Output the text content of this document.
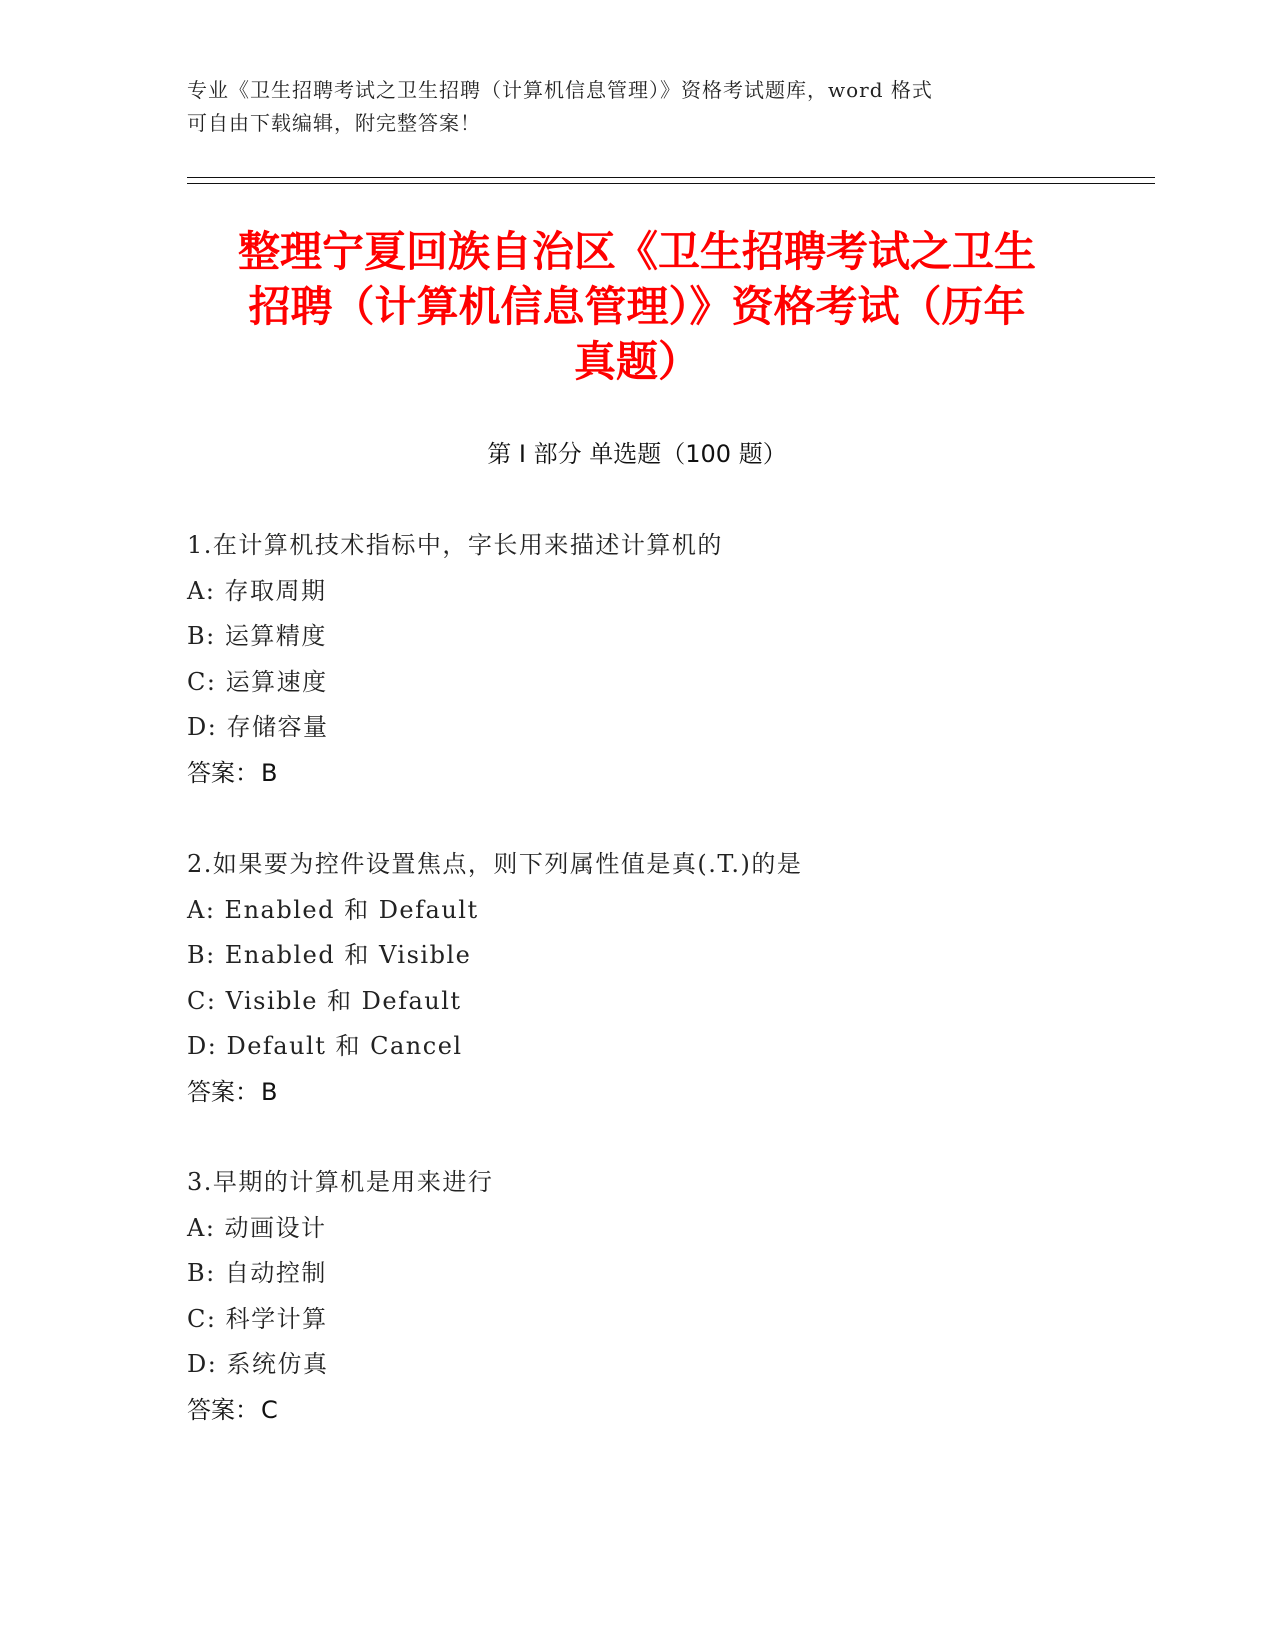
专业《卫生招聘考试之卫生招聘（计算机信息管理）》资格考试题库，word 格式
可自由下载编辑，附完整答案！
整理宁夏回族自治区《卫生招聘考试之卫生
招聘（计算机信息管理）》资格考试（历年
真题）
第 I 部分 单选题（100 题）
1.在计算机技术指标中，字长用来描述计算机的
A: 存取周期
B: 运算精度
C: 运算速度
D: 存储容量
答案：B
2.如果要为控件设置焦点，则下列属性值是真(.T.)的是
A: Enabled 和 Default
B: Enabled 和 Visible
C: Visible 和 Default
D: Default 和 Cancel
答案：B
3.早期的计算机是用来进行
A: 动画设计
B: 自动控制
C: 科学计算
D: 系统仿真
答案：C
